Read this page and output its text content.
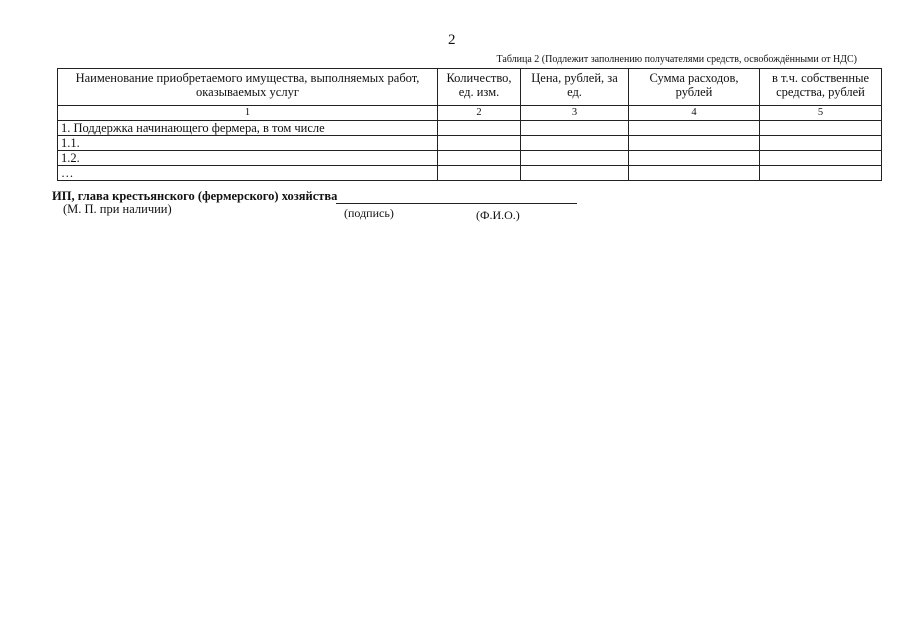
2
Таблица 2 (Подлежит заполнению получателями средств, освобождёнными от НДС)
Наименование приобретаемого имущества, выполняемых работ, оказываемых услуг	Количество, ед. изм.	Цена, рублей, за ед.	Сумма расходов, рублей	в т.ч. собственные средства, рублей
1	2	3	4	5
1. Поддержка начинающего фермера, в том числе				
1.1.				
1.2.				
…				
ИП, глава крестьянского (фермерского) хозяйства
(М. П. при наличии)	(подпись)	(Ф.И.О.)
